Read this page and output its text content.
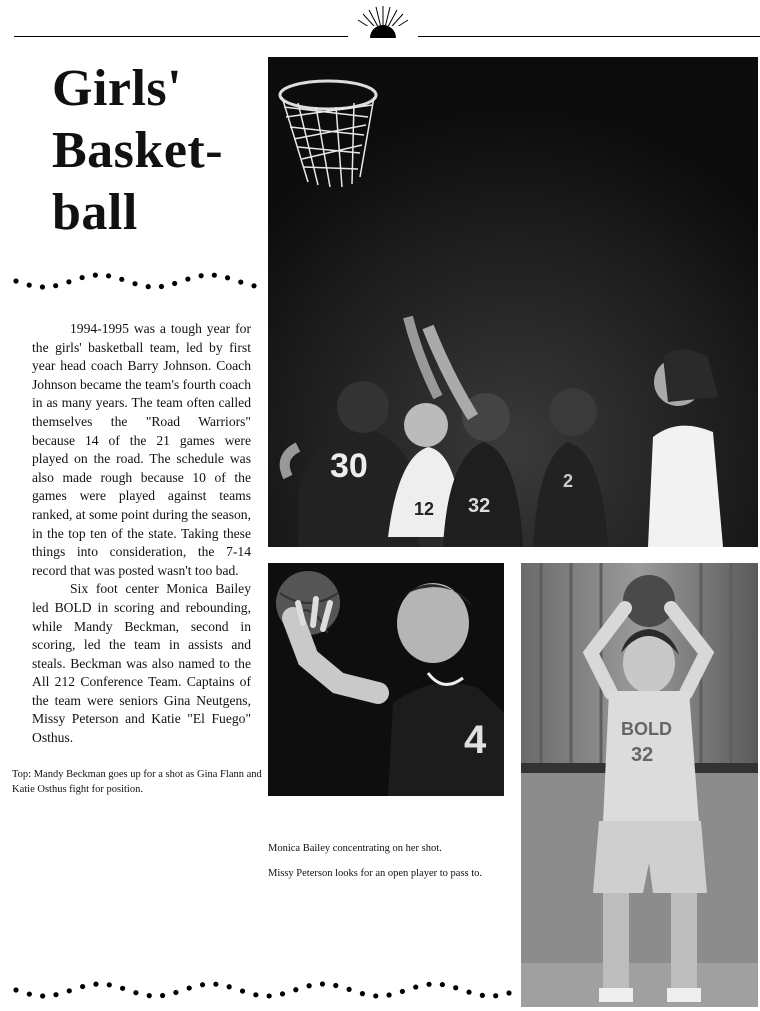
Girls'
Basket-
ball

1994-1995 was a tough year for the girls' basketball team, led by first year head coach Barry Johnson. Coach Johnson became the team's fourth coach in as many years. The team often called themselves the "Road Warriors" because 14 of the 21 games were played on the road. The schedule was also made rough because 10 of the games were played against teams ranked, at some point during the season, in the top ten of the state. Taking these things into consideration, the 7-14 record that was posted wasn't too bad.

Six foot center Monica Bailey led BOLD in scoring and rebounding, while Mandy Beckman, second in scoring, led the team in assists and steals. Beckman was also named to the All 212 Conference Team. Captains of the team were seniors Gina Neutgens, Missy Peterson and Katie "El Fuego" Osthus.

Top: Mandy Beckman goes up for a shot as Gina Flann and Katie Osthus fight for position.

30
12 32
2
4

Monica Bailey concentrating on her shot.

Missy Peterson looks for an open player to pass to.

BOLD
32
